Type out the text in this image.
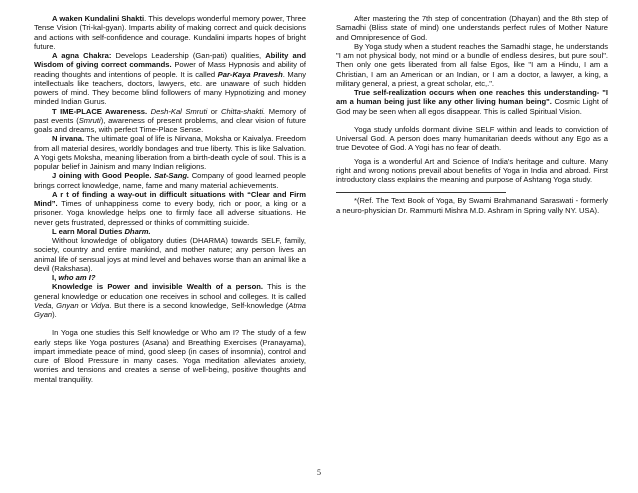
A waken Kundalini Shakti. This develops wonderful memory power, Three Tense Vision (Tri-kal-gyan). Imparts ability of making correct and quick decisions and actions with self-confidence and courage. Kundalini imparts hopes of bright future.

A agna Chakra: Develops Leadership (Gan-pati) qualities, Ability and Wisdom of giving correct commands. Power of Mass Hypnosis and ability of reading thoughts and intentions of people. It is called Par-Kaya Pravesh. Many intellectuals like teachers, doctors, lawyers, etc. are unaware of such hidden powers of mind. They become blind followers of many Hypnotizing and money minded Indian Gurus.

T IME-PLACE Awareness. Desh-Kal Smruti or Chitta-shakti. Memory of past events (Smruti), awareness of present problems, and clear vision of future goals and dreams, with perfect Time-Place Sense.

N irvana. The ultimate goal of life is Nirvana, Moksha or Kaivalya. Freedom from all material desires, worldly bondages and true liberty. This is like Salvation. A Yogi gets Moksha, meaning liberation from a birth-death cycle of soul. This is a popular belief in Jainism and many Indian religions.

J oining with Good People. Sat-Sang. Company of good learned people brings correct knowledge, name, fame and many material achievements.

A r t of finding a way-out in difficult situations with “Clear and Firm Mind”. Times of unhappiness come to every body, rich or poor, a king or a prisoner. Yoga knowledge helps one to firmly face all adverse situations. He never gets frustrated, depressed or thinks of committing suicide.

L earn Moral Duties Dharm.

Without knowledge of obligatory duties (DHARMA) towards SELF, family, society, country and entire mankind, and mother nature; any person lives an animal life of sensual joys at mind level and behaves worse than an animal like a devil (Rakshasa).

I, who am I?

Knowledge is Power and invisible Wealth of a person. This is the general knowledge or education one receives in school and colleges. It is called Veda, Gnyan or Vidya. But there is a second knowledge, Self-knowledge (Atma Gyan).

In Yoga one studies this Self knowledge or Who am I? The study of a few early steps like Yoga postures (Asana) and Breathing Exercises (Pranayama), impart immediate peace of mind, good sleep (in cases of insomnia), control and cure of Blood Pressure in many cases. Yoga meditation alleviates anxiety, worries and tensions and creates a sense of well-being, positive thoughts and mental tranquility.

After mastering the 7th step of concentration (Dhayan) and the 8th step of Samadhi (Bliss state of mind) one understands perfect rules of Mother Nature and Omnipresence of God.

By Yoga study when a student reaches the Samadhi stage, he understands "I am not physical body, not mind or a bundle of endless desires, but pure soul". Then only one gets liberated from all false Egos, like "I am a Hindu, I am a Christian, I am an American or an Indian, or I am a doctor, a lawyer, a king, a military general, a priest, a great scholar, etc,.".

True self-realization occurs when one reaches this understanding- "I am a human being just like any other living human being". Cosmic Light of God may be seen when all egos disappear. This is called Spiritual Vision.

Yoga study unfolds dormant divine SELF within and leads to conviction of Universal God. A person does many humanitarian deeds without any Ego as a true Devotee of God. A Yogi has no fear of death.

Yoga is a wonderful Art and Science of India's heritage and culture. Many right and wrong notions prevail about benefits of Yoga in India and abroad. First introductory class explains the meaning and purpose of Ashtang Yoga study.

*(Ref. The Text Book of Yoga, By Swami Brahmanand Saraswati - formerly a neuro-physician Dr. Rammurti Mishra M.D. Ashram in Spring vally NY. USA).

5
